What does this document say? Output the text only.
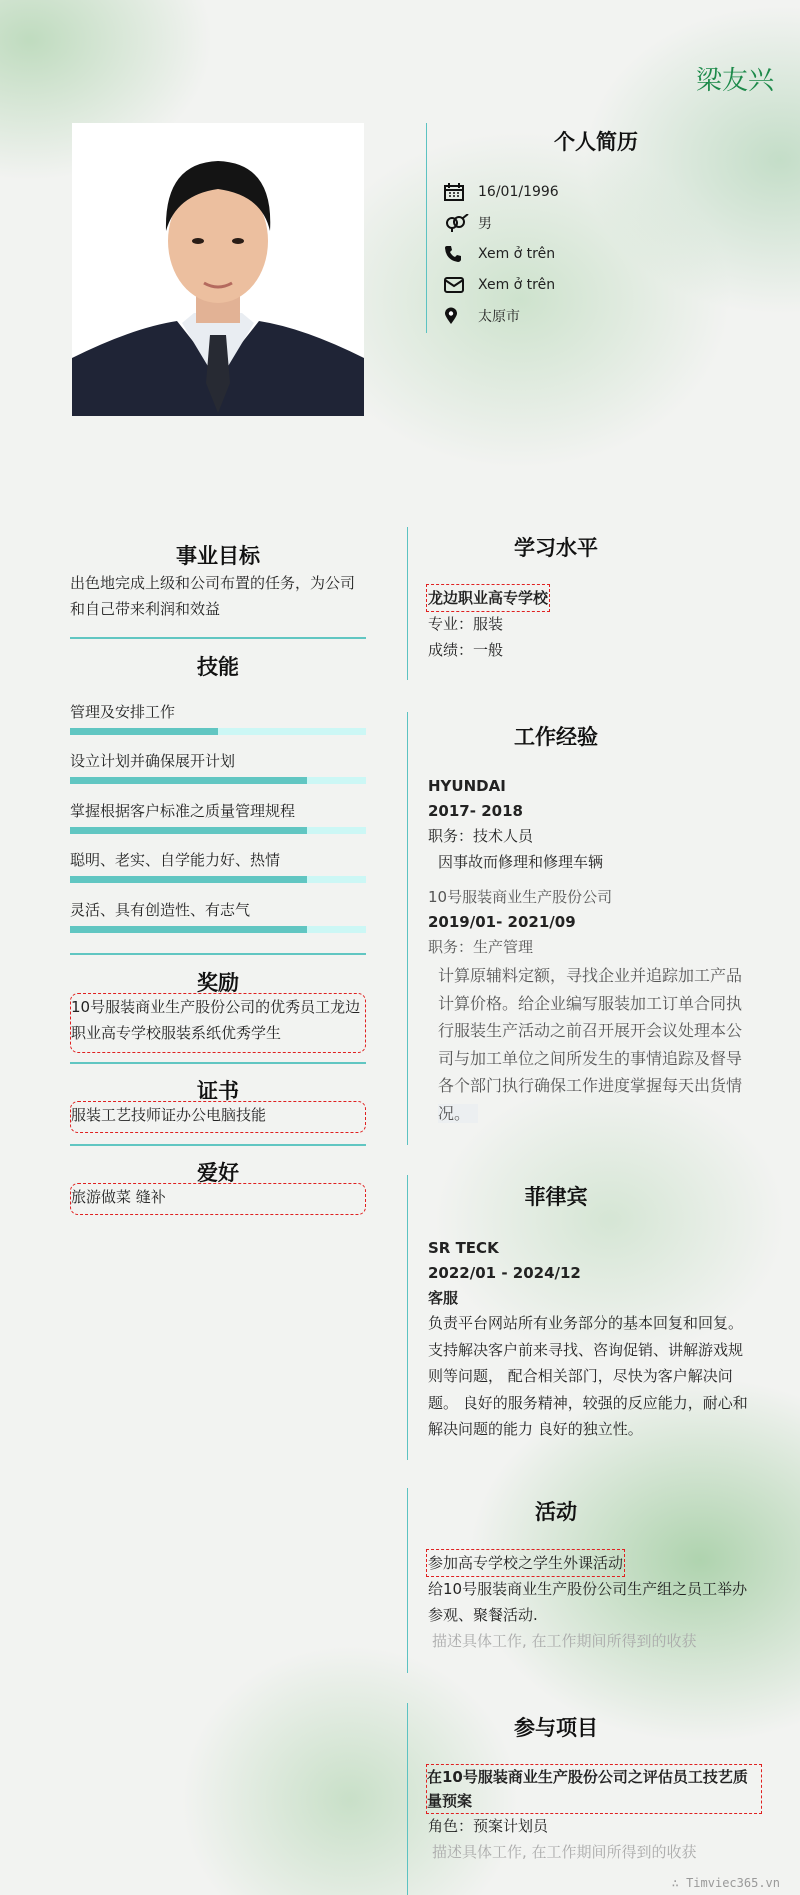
梁友兴
个人简历
16/01/1996
男
Xem ở trên
Xem ở trên
太原市
事业目标
出色地完成上级和公司布置的任务，为公司
和自己带来利润和效益
技能
管理及安排工作
设立计划并确保展开计划
掌握根据客户标准之质量管理规程
聪明、老实、自学能力好、热情
灵活、具有创造性、有志气
奖励
10号服装商业生产股份公司的优秀员工龙边
职业高专学校服装系纸优秀学生
证书
服装工艺技师证办公电脑技能
爱好
旅游做菜 缝补
学习水平
龙边职业高专学校
专业：服装
成绩：一般
工作经验
HYUNDAI
2017- 2018
职务：技术人员
因事故而修理和修理车辆
10号服装商业生产股份公司
2019/01- 2021/09
职务：生产管理
计算原辅料定额，寻找企业并追踪加工产品
计算价格。给企业编写服装加工订单合同执
行服装生产活动之前召开展开会议处理本公
司与加工单位之间所发生的事情追踪及督导
各个部门执行确保工作进度掌握每天出货情
况。
菲律宾
SR TECK
2022/01 - 2024/12
客服
负责平台网站所有业务部分的基本回复和回复。
支持解决客户前来寻找、咨询促销、讲解游戏规
则等问题， 配合相关部门，尽快为客户解决问
题。 良好的服务精神，较强的反应能力，耐心和
解决问题的能力 良好的独立性。
活动
参加高专学校之学生外课活动
给10号服装商业生产股份公司生产组之员工举办
参观、聚餐活动.
描述具体工作, 在工作期间所得到的收获
参与项目
在10号服装商业生产股份公司之评估员工技艺质
量预案
角色：预案计划员
描述具体工作, 在工作期间所得到的收获
∴ Timviec365.vn
